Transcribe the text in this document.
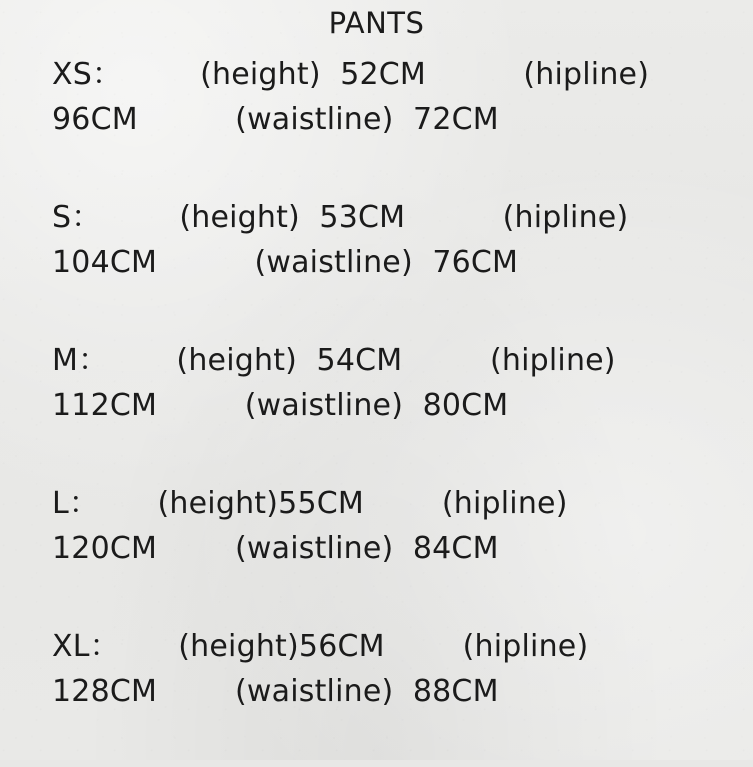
PANTS
XS：        (height)  52CM          (hipline)
96CM          (waistline)  72CM
S：        (height)  53CM          (hipline)
104CM          (waistline)  76CM
M：       (height)  54CM         (hipline)
112CM         (waistline)  80CM
L：      (height)55CM        (hipline)
120CM        (waistline)  84CM
XL：      (height)56CM        (hipline)
128CM        (waistline)  88CM
